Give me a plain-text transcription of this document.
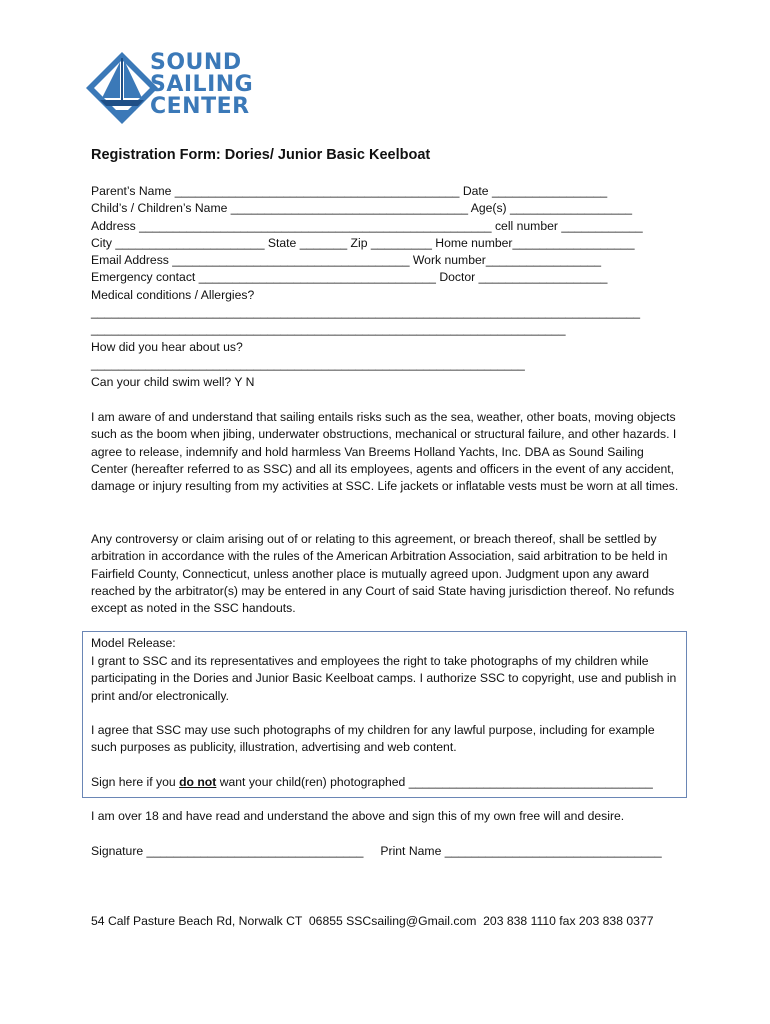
SOUND
SAILING
CENTER
Registration Form: Dories/ Junior Basic Keelboat
Parent’s Name __________________________________________ Date _________________
Child’s / Children’s Name ___________________________________ Age(s) __________________
Address ____________________________________________________ cell number ____________
City ______________________ State _______ Zip _________ Home number__________________
Email Address ___________________________________ Work number_________________
Emergency contact ___________________________________ Doctor ___________________
Medical conditions / Allergies?
_________________________________________________________________________________
______________________________________________________________________
How did you hear about us?
________________________________________________________________
Can your child swim well? Y N
I am aware of and understand that sailing entails risks such as the sea, weather, other boats, moving objects such as the boom when jibing, underwater obstructions, mechanical or structural failure, and other hazards. I agree to release, indemnify and hold harmless Van Breems Holland Yachts, Inc. DBA as Sound Sailing Center (hereafter referred to as SSC) and all its employees, agents and officers in the event of any accident, damage or injury resulting from my activities at SSC. Life jackets or inflatable vests must be worn at all times.
Any controversy or claim arising out of or relating to this agreement, or breach thereof, shall be settled by arbitration in accordance with the rules of the American Arbitration Association, said arbitration to be held in Fairfield County, Connecticut, unless another place is mutually agreed upon. Judgment upon any award reached by the arbitrator(s) may be entered in any Court of said State having jurisdiction thereof. No refunds except as noted in the SSC handouts.
Model Release:
I grant to SSC and its representatives and employees the right to take photographs of my children while participating in the Dories and Junior Basic Keelboat camps. I authorize SSC to copyright, use and publish in print and/or electronically.
I agree that SSC may use such photographs of my children for any lawful purpose, including for example such purposes as publicity, illustration, advertising and web content.
Sign here if you do not want your child(ren) photographed ____________________________________
I am over 18 and have read and understand the above and sign this of my own free will and desire.
Signature ________________________________     Print Name ________________________________
54 Calf Pasture Beach Rd, Norwalk CT  06855 SSCsailing@Gmail.com  203 838 1110 fax 203 838 0377
